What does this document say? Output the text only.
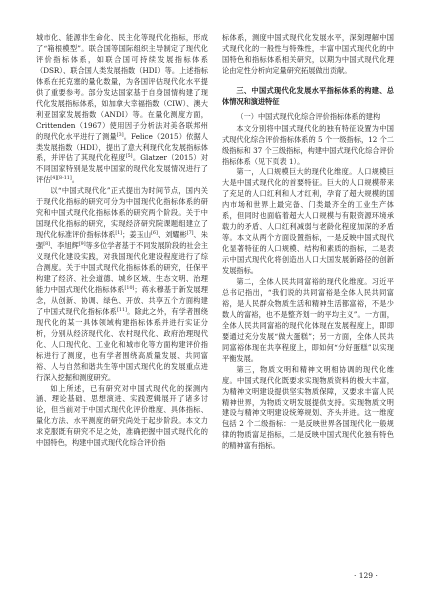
城市化、能源非生命化、民主化等现代化指标，形成了“箱根模型”。联合国等国际组织主导制定了现代化评价指标体系，如联合国可持续发展指标体系（DSR）、联合国人类发展指数（HDI）等。上述指标体系在托克塞的量化数量，为各国评估现代化水平提供了重要参考。部分发达国家基于自身国情构建了现代化发展指标体系，如加拿大幸福指数（CIW）、澳大利亚国家发展指数（ANDI）等。在量化测度方面，Crittenden（1967）使用因子分析法对美各联邦州的现代化水平进行了测量[3]。Felice（2015）依据人类发展指数（HDI），提出了意大利现代化发展指标体系，并评估了其现代化程度[5]。Glatzer（2015）对不同国家特别是发展中国家的现代化发展情况进行了评估[4][8-11]。

以“中国式现代化”正式提出为时间节点，国内关于现代化指标的研究可分为中国现代化指标体系的研究和中国式现代化指标体系的研究两个阶段。关于中国现代化指标的研究，实现经济研究院课题组建立了现代化标准评价指标体系[1]；姜玉山[6]、刘耀彬[7]、朱强[8]、李旭辉[9]等多位学者基于不同发展阶段的社会主义现代化建设实践，对我国现代化建设程度进行了综合测度。关于中国式现代化指标体系的研究，任保平构建了经济、社会道德、城乡区域、生态文明、治理能力中国式现代化指标体系[10]；蒋永穆基于新发展理念，从创新、协调、绿色、开放、共享五个方面构建了中国式现代化指标体系[11]。除此之外，有学者围绕现代化的某一具体领域构建指标体系并进行实证分析，分别从经济现代化、农村现代化、政府治理现代化、人口现代化、工业化和城市化等方面构建评价指标进行了测度，也有学者围绕高质量发展、共同富裕、人与自然和谐共生等中国式现代化的发展重点进行深入挖掘和测度研究。

如上所述，已有研究对中国式现代化的探测内涵、理论基础、思想演进、实践逻辑展开了诸多讨论，但当前对于中国式现代化评价维度、具体指标、量化方法、水平测度的研究尚处于起步阶段。本文力求克服既有研究不足之处，准确把握中国式现代化的中国特色，构建中国式现代化综合评价指

标体系，测度中国式现代化发展水平，深刻理解中国式现代化的一般性与特殊性，丰富中国式现代化的中国特色和指标体系相关研究，以期为中国式现代化理论由定性分析向定量研究拓展做出贡献。

三、中国式现代化发展水平指标体系的构建、总体情况和演进特征
（一）中国式现代化综合评价指标体系的建构

本文分别将中国式现代化的独有特征设置为中国式现代化综合评价指标体系的 5 个一级指标，12 个二级指标和 37 个三级指标，构建中国式现代化综合评价指标体系（见下页表 1）。

第一，人口规模巨大的现代化维度。人口规模巨大是中国式现代化的首要特征。巨大的人口规模带来了充足的人口红利和人才红利，孕育了超大规模的国内市场和世界上最完备、门类最齐全的工业生产体系，但同时也面临着超大人口规模与有限资源环境承载力的矛盾、人口红利减弱与老龄化程度加深的矛盾等。本文从两个方面设置指标，一是反映中国式现代化显著特征的人口规模、结构和素质的指标，二是表示中国式现代化将创造出人口大国发展新路径的创新发展指标。

第二，全体人民共同富裕的现代化维度。习近平总书记指出，“我们说的共同富裕是全体人民共同富裕，是人民群众物质生活和精神生活都富裕，不是少数人的富裕，也不是整齐划一的平均主义”。一方面，全体人民共同富裕的现代化体现在发展程度上，即即要通过充分发展“做大蛋糕”；另一方面，全体人民共同富裕体现在共享程度上，即如何“分好蛋糕”以实现平衡发展。

第三，物质文明和精神文明相协调的现代化维度。中国式现代化既要求实现物质资料的极大丰富，为精神文明建设提供坚实物质保障，又要求丰富人民精神世界，为物质文明发展提供支持。实现物质文明建设与精神文明建设统筹规划、齐头并进。这一维度包括 2 个二级指标：一是反映世界各国现代化一般规律的物质富足指标，二是反映中国式现代化独有特色的精神富有指标。

· 129 ·
